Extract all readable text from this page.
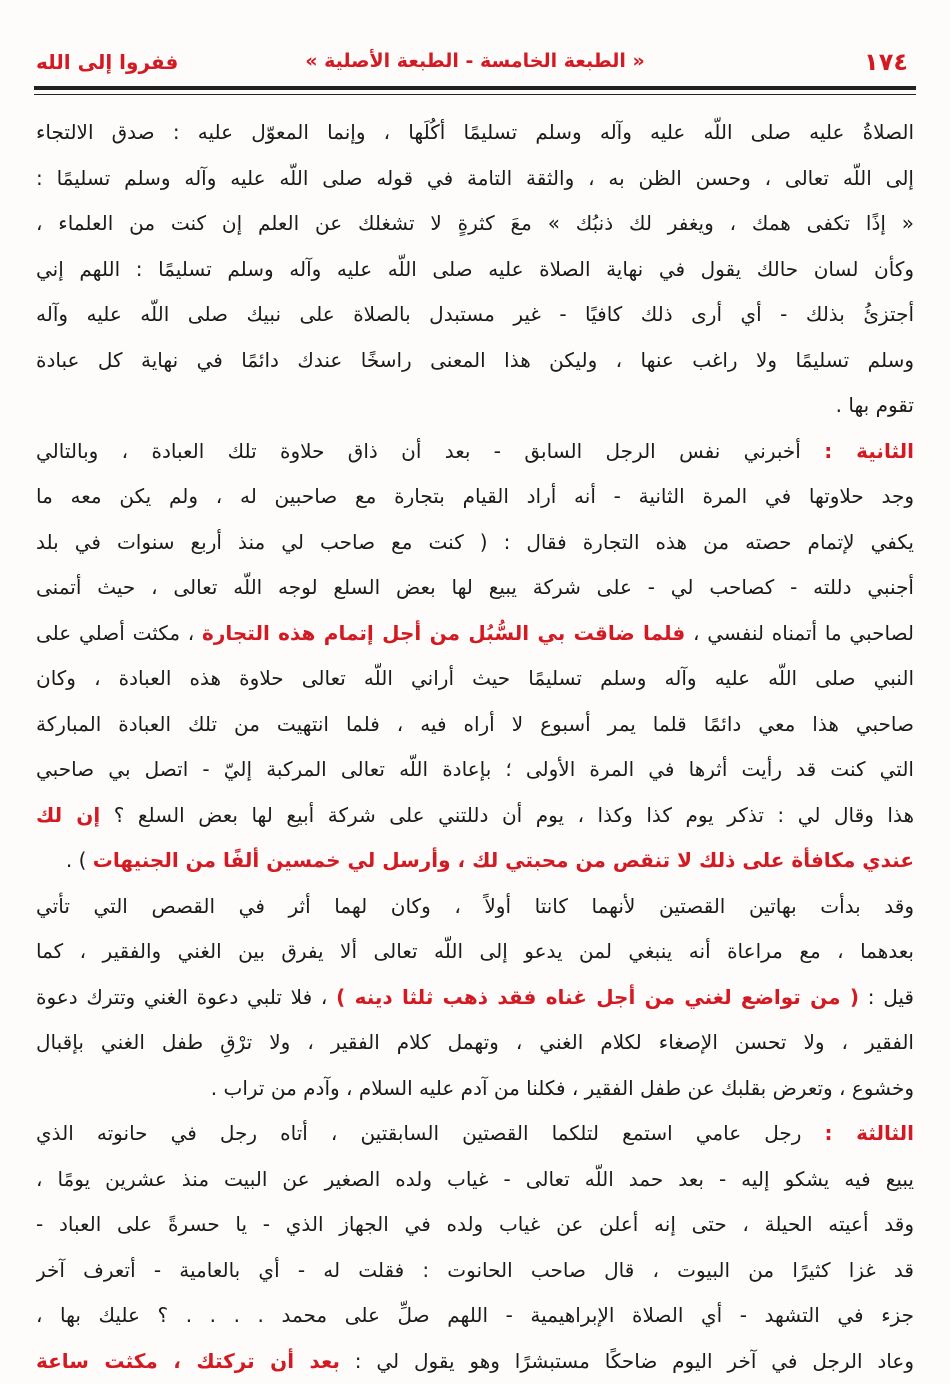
١٧٤
« الطبعة الخامسة - الطبعة الأصلية »
ففروا إلى الله
الصلاةُ عليه صلى اللّه عليه وآله وسلم تسليمًا أكُلَها ، وإنما المعوّل عليه : صدق الالتجاء
إلى اللّه تعالى ، وحسن الظن به ، والثقة التامة في قوله صلى اللّه عليه وآله وسلم تسليمًا :
« إذًا تكفى همك ، ويغفر لك ذنبُك » معَ كثرةٍ لا تشغلك عن العلم إن كنت من العلماء ،
وكأن لسان حالك يقول في نهاية الصلاة عليه صلى اللّه عليه وآله وسلم تسليمًا : اللهم إني
أجتزئُ بذلك - أي أرى ذلك كافيًا - غير مستبدل بالصلاة على نبيك صلى اللّه عليه وآله
وسلم تسليمًا ولا راغب عنها ، وليكن هذا المعنى راسخًا عندك دائمًا في نهاية كل عبادة
تقوم بها .
الثانية : أخبرني نفس الرجل السابق - بعد أن ذاق حلاوة تلك العبادة ، وبالتالي
وجد حلاوتها في المرة الثانية - أنه أراد القيام بتجارة مع صاحبين له ، ولم يكن معه ما
يكفي لإتمام حصته من هذه التجارة فقال : ( كنت مع صاحب لي منذ أربع سنوات في بلد
أجنبي دللته - كصاحب لي - على شركة يبيع لها بعض السلع لوجه اللّه تعالى ، حيث أتمنى
لصاحبي ما أتمناه لنفسي ، فلما ضاقت بي السُّبُل من أجل إتمام هذه التجارة ، مكثت أصلي على
النبي صلى اللّه عليه وآله وسلم تسليمًا حيث أراني اللّه تعالى حلاوة هذه العبادة ، وكان
صاحبي هذا معي دائمًا قلما يمر أسبوع لا أراه فيه ، فلما انتهيت من تلك العبادة المباركة
التي كنت قد رأيت أثرها في المرة الأولى ؛ بإعادة اللّه تعالى المركبة إليّ - اتصل بي صاحبي
هذا وقال لي : تذكر يوم كذا وكذا ، يوم أن دللتني على شركة أبيع لها بعض السلع ؟ إن لك
عندي مكافأة على ذلك لا تنقص من محبتي لك ، وأرسل لي خمسين ألفًا من الجنيهات ) .
وقد بدأت بهاتين القصتين لأنهما كانتا أولاً ، وكان لهما أثر في القصص التي تأتي
بعدهما ، مع مراعاة أنه ينبغي لمن يدعو إلى اللّه تعالى ألا يفرق بين الغني والفقير ، كما
قيل : ( من تواضع لغني من أجل غناه فقد ذهب ثلثا دينه ) ، فلا تلبي دعوة الغني وتترك دعوة
الفقير ، ولا تحسن الإصغاء لكلام الغني ، وتهمل كلام الفقير ، ولا ترْقِ طفل الغني بإقبال
وخشوع ، وتعرض بقلبك عن طفل الفقير ، فكلنا من آدم عليه السلام ، وآدم من تراب .
الثالثة : رجل عامي استمع لتلكما القصتين السابقتين ، أتاه رجل في حانوته الذي
يبيع فيه يشكو إليه - بعد حمد اللّه تعالى - غياب ولده الصغير عن البيت منذ عشرين يومًا ،
وقد أعيته الحيلة ، حتى إنه أعلن عن غياب ولده في الجهاز الذي - يا حسرةً على العباد -
قد غزا كثيرًا من البيوت ، قال صاحب الحانوت : فقلت له - أي بالعامية - أتعرف آخر
جزء في التشهد - أي الصلاة الإبراهيمية - اللهم صلِّ على محمد . . . . ؟ عليك بها ،
وعاد الرجل في آخر اليوم ضاحكًا مستبشرًا وهو يقول لي : بعد أن تركتك ، مكثت ساعة
